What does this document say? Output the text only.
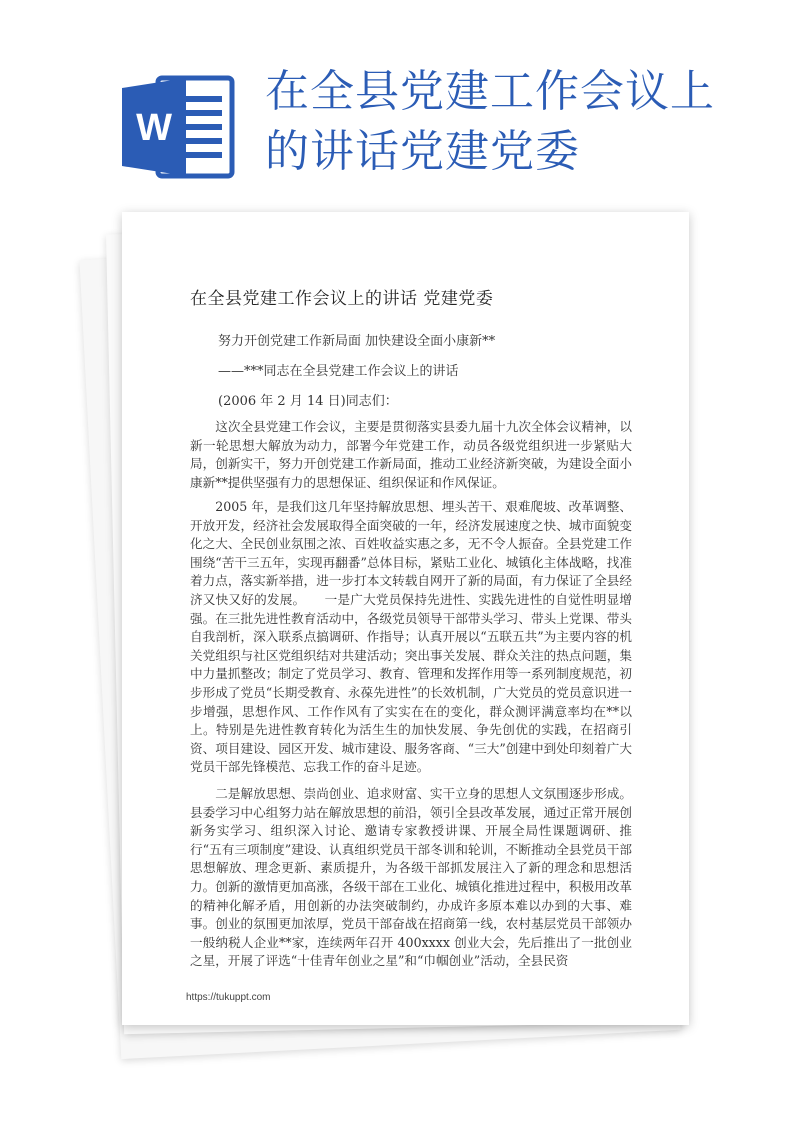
W
在全县党建工作会议上
的讲话党建党委
在全县党建工作会议上的讲话 党建党委
努力开创党建工作新局面 加快建设全面小康新**
——***同志在全县党建工作会议上的讲话
(2006 年 2 月 14 日)同志们：
这次全县党建工作会议，主要是贯彻落实县委九届十九次全体会议精神，以新一轮思想大解放为动力，部署今年党建工作，动员各级党组织进一步紧贴大局，创新实干，努力开创党建工作新局面，推动工业经济新突破，为建设全面小康新**提供坚强有力的思想保证、组织保证和作风保证。
2005 年，是我们这几年坚持解放思想、埋头苦干、艰难爬坡、改革调整、开放开发，经济社会发展取得全面突破的一年，经济发展速度之快、城市面貌变化之大、全民创业氛围之浓、百姓收益实惠之多，无不令人振奋。全县党建工作围绕“苦干三五年，实现再翻番”总体目标，紧贴工业化、城镇化主体战略，找准着力点，落实新举措，进一步打本文转载自网开了新的局面，有力保证了全县经济又快又好的发展。　　一是广大党员保持先进性、实践先进性的自觉性明显增强。在三批先进性教育活动中，各级党员领导干部带头学习、带头上党课、带头自我剖析，深入联系点搞调研、作指导；认真开展以“五联五共”为主要内容的机关党组织与社区党组织结对共建活动；突出事关发展、群众关注的热点问题，集中力量抓整改；制定了党员学习、教育、管理和发挥作用等一系列制度规范，初步形成了党员“长期受教育、永葆先进性”的长效机制，广大党员的党员意识进一步增强，思想作风、工作作风有了实实在在的变化，群众测评满意率均在**以上。特别是先进性教育转化为活生生的加快发展、争先创优的实践，在招商引资、项目建设、园区开发、城市建设、服务客商、“三大”创建中到处印刻着广大党员干部先锋模范、忘我工作的奋斗足迹。
二是解放思想、崇尚创业、追求财富、实干立身的思想人文氛围逐步形成。县委学习中心组努力站在解放思想的前沿，领引全县改革发展，通过正常开展创新务实学习、组织深入讨论、邀请专家教授讲课、开展全局性课题调研、推行“五有三项制度”建设、认真组织党员干部冬训和轮训，不断推动全县党员干部思想解放、理念更新、素质提升，为各级干部抓发展注入了新的理念和思想活力。创新的激情更加高涨，各级干部在工业化、城镇化推进过程中，积极用改革的精神化解矛盾，用创新的办法突破制约，办成许多原本难以办到的大事、难事。创业的氛围更加浓厚，党员干部奋战在招商第一线，农村基层党员干部领办一般纳税人企业**家，连续两年召开 400xxxx 创业大会，先后推出了一批创业之星，开展了评选“十佳青年创业之星”和“巾帼创业”活动，全县民资
https://tukuppt.com
